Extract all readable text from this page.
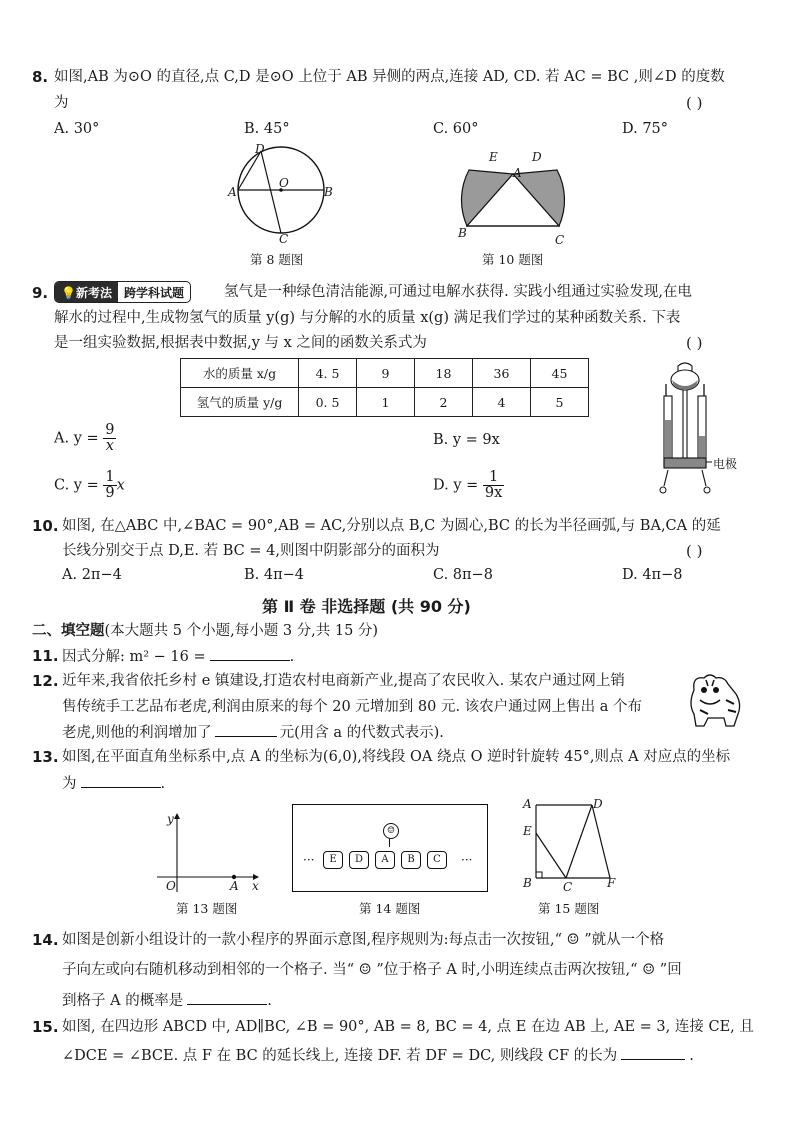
8. 如图,AB 为⊙O 的直径,点 C,D 是⊙O 上位于 AB 异侧的两点,连接 AD, CD. 若 AC = BC ,则∠D 的度数
为	( )
A. 30°	B. 45°	C. 60°	D. 75°
D
A
O
B
C
第 8 题图
E
A
D
B	C
第 10 题图
9.	💡新考法	跨学科试题	氢气是一种绿色清洁能源,可通过电解水获得. 实践小组通过实验发现,在电
解水的过程中,生成物氢气的质量 y(g) 与分解的水的质量 x(g) 满足我们学过的某种函数关系. 下表
是一组实验数据,根据表中数据,y 与 x 之间的函数关系式为	( )
水的质量 x/g	4. 5	9	18	36	45
氢气的质量 y/g	0. 5	1	2	4	5
A. $y = \frac{9}{x}$	B. y = 9x
C. $y = \frac{1}{9}$ x	D. $y = \frac{1}{9x}$
电极
10. 如图, 在△ABC 中,∠BAC = 90°,AB = AC,分别以点 B,C 为圆心,BC 的长为半径画弧,与 BA,CA 的延
长线分别交于点 D,E. 若 BC = 4,则图中阴影部分的面积为	( )
A. 2π−4	B. 4π−4	C. 8π−8	D. 4π−8
第 Ⅱ 卷 非选择题 (共 90 分)
二、填空题(本大题共 5 个小题,每小题 3 分,共 15 分)
11. 因式分解: m² − 16 =	.
12. 近年来,我省依托乡村 e 镇建设,打造农村电商新产业,提高了农民收入. 某农户通过网上销
售传统手工艺品布老虎,利润由原来的每个 20 元增加到 80 元. 该农户通过网上售出 a 个布
老虎,则他的利润增加了	元(用含 a 的代数式表示).
13. 如图,在平面直角坐标系中,点 A 的坐标为(6,0),将线段 OA 绕点 O 逆时针旋转 45°,则点 A 对应点的坐标
为	.
y
O	A x
第 13 题图
☺
···	···
E	D	A	B	C
第 14 题图
A	D
E
B	C	F
第 15 题图
14. 如图是创新小组设计的一款小程序的界面示意图,程序规则为:每点击一次按钮,“ ☺ ”就从一个格
子向左或向右随机移动到相邻的一个格子. 当“ ☺ ”位于格子 A 时,小明连续点击两次按钮,“ ☺ ”回
到格子 A 的概率是	.
15. 如图, 在四边形 ABCD 中, AD∥BC, ∠B = 90°, AB = 8, BC = 4, 点 E 在边 AB 上, AE = 3, 连接 CE, 且
∠DCE = ∠BCE. 点 F 在 BC 的延长线上, 连接 DF. 若 DF = DC, 则线段 CF 的长为	.
